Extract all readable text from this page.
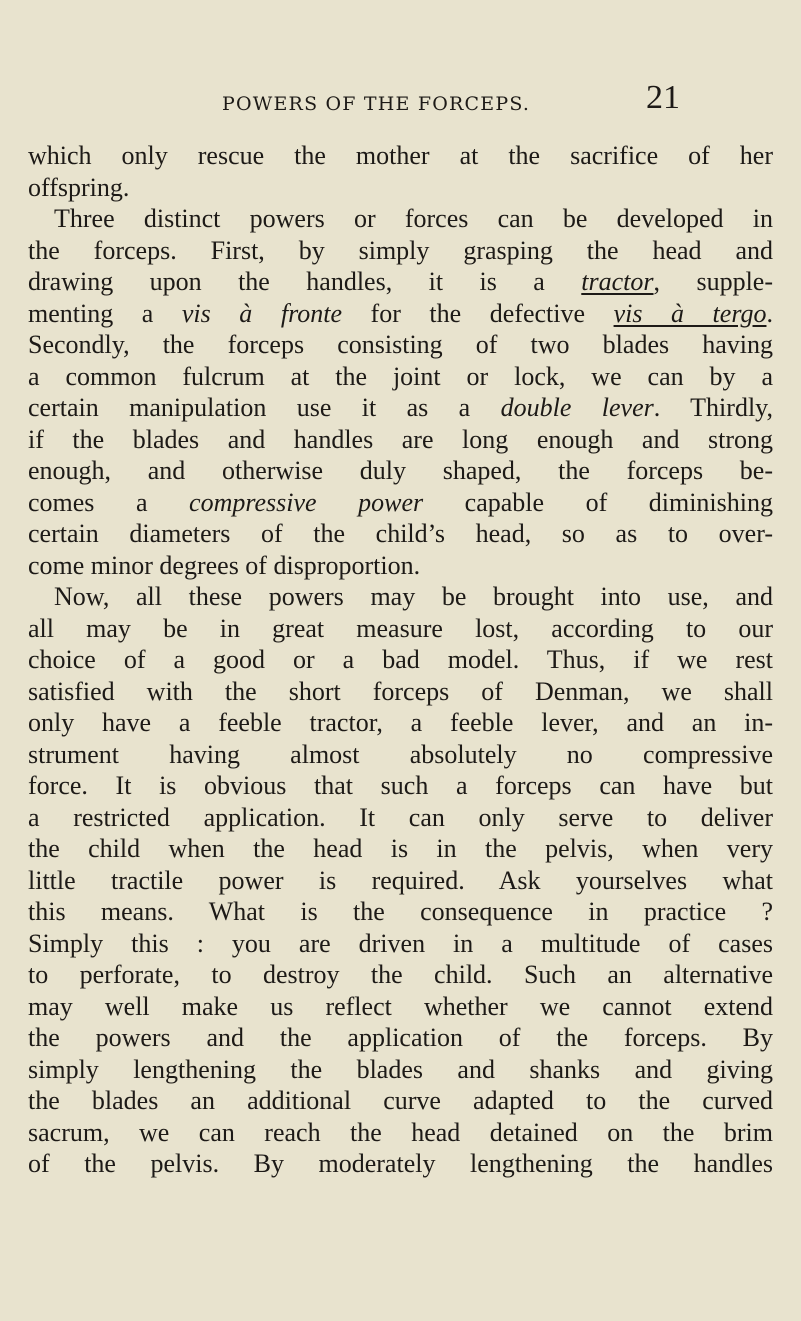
POWERS OF THE FORCEPS.	21
which only rescue the mother at the sacrifice of her
offspring.
Three distinct powers or forces can be developed in
the forceps. First, by simply grasping the head and
drawing upon the handles, it is a tractor, supple-
menting a vis à fronte for the defective vis à tergo.
Secondly, the forceps consisting of two blades having
a common fulcrum at the joint or lock, we can by a
certain manipulation use it as a double lever. Thirdly,
if the blades and handles are long enough and strong
enough, and otherwise duly shaped, the forceps be-
comes a compressive power capable of diminishing
certain diameters of the child’s head, so as to over-
come minor degrees of disproportion.
Now, all these powers may be brought into use, and
all may be in great measure lost, according to our
choice of a good or a bad model. Thus, if we rest
satisfied with the short forceps of Denman, we shall
only have a feeble tractor, a feeble lever, and an in-
strument having almost absolutely no compressive
force. It is obvious that such a forceps can have but
a restricted application. It can only serve to deliver
the child when the head is in the pelvis, when very
little tractile power is required. Ask yourselves what
this means. What is the consequence in practice ?
Simply this : you are driven in a multitude of cases
to perforate, to destroy the child. Such an alternative
may well make us reflect whether we cannot extend
the powers and the application of the forceps. By
simply lengthening the blades and shanks and giving
the blades an additional curve adapted to the curved
sacrum, we can reach the head detained on the brim
of the pelvis. By moderately lengthening the handles
